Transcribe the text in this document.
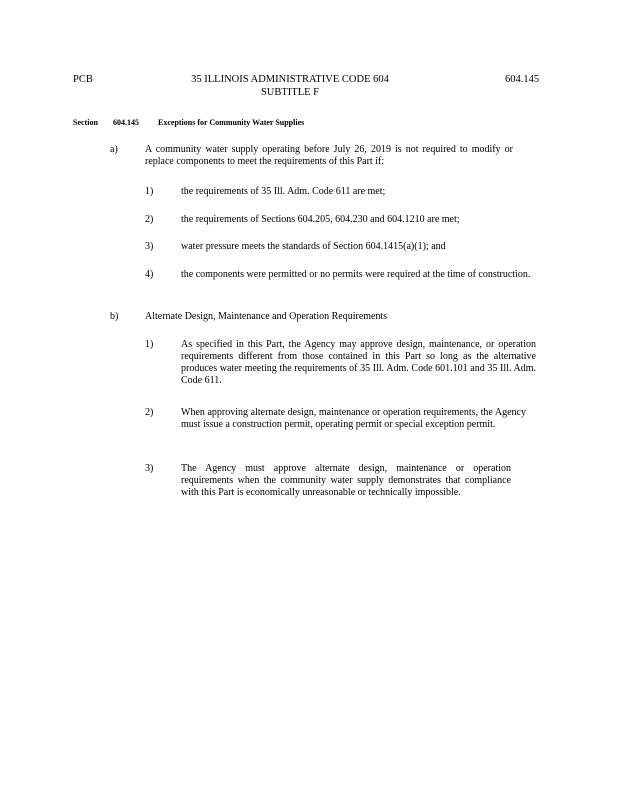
PCB	35 ILLINOIS ADMINISTRATIVE CODE 604
SUBTITLE F
604.145
Section 604.145 Exceptions for Community Water Supplies
a)	A community water supply operating before July 26, 2019 is not required to modify or replace components to meet the requirements of this Part if:
1)	the requirements of 35 Ill. Adm. Code 611 are met;
2)	the requirements of Sections 604.205, 604.230 and 604.1210 are met;
3)	water pressure meets the standards of Section 604.1415(a)(1); and
4)	the components were permitted or no permits were required at the time of construction.
b)	Alternate Design, Maintenance and Operation Requirements
1)	As specified in this Part, the Agency may approve design, maintenance, or operation requirements different from those contained in this Part so long as the alternative produces water meeting the requirements of 35 Ill. Adm. Code 601.101 and 35 Ill. Adm. Code 611.
2)	When approving alternate design, maintenance or operation requirements, the Agency must issue a construction permit, operating permit or special exception permit.
3)	The Agency must approve alternate design, maintenance or operation requirements when the community water supply demonstrates that compliance with this Part is economically unreasonable or technically impossible.
